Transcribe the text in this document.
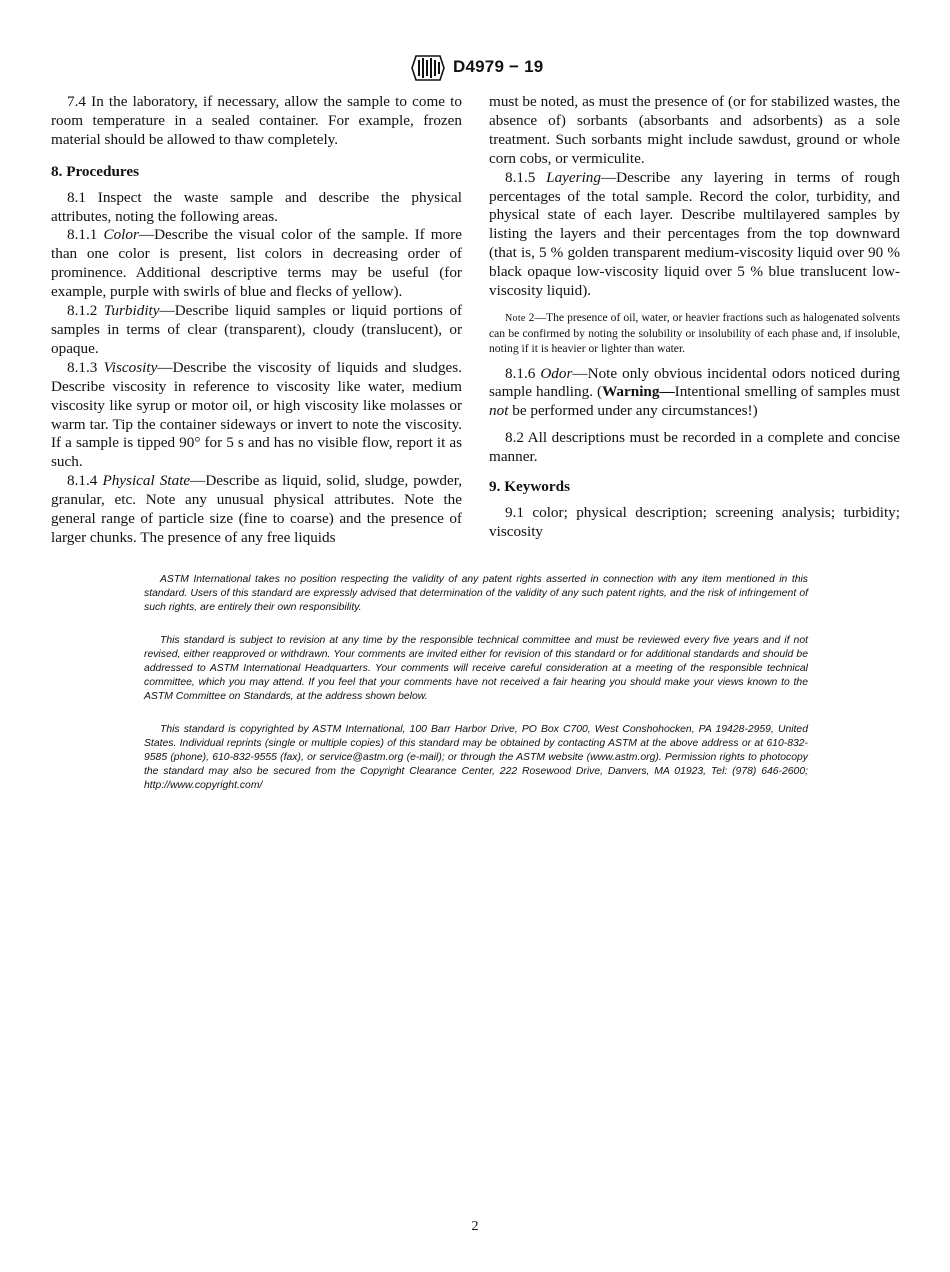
D4979 − 19

7.4 In the laboratory, if necessary, allow the sample to come to room temperature in a sealed container. For example, frozen material should be allowed to thaw completely.

8. Procedures

8.1 Inspect the waste sample and describe the physical attributes, noting the following areas.

8.1.1 Color—Describe the visual color of the sample. If more than one color is present, list colors in decreasing order of prominence. Additional descriptive terms may be useful (for example, purple with swirls of blue and flecks of yellow).

8.1.2 Turbidity—Describe liquid samples or liquid portions of samples in terms of clear (transparent), cloudy (translucent), or opaque.

8.1.3 Viscosity—Describe the viscosity of liquids and sludges. Describe viscosity in reference to viscosity like water, medium viscosity like syrup or motor oil, or high viscosity like molasses or warm tar. Tip the container sideways or invert to note the viscosity. If a sample is tipped 90° for 5 s and has no visible flow, report it as such.

8.1.4 Physical State—Describe as liquid, solid, sludge, powder, granular, etc. Note any unusual physical attributes. Note the general range of particle size (fine to coarse) and the presence of larger chunks. The presence of any free liquids

must be noted, as must the presence of (or for stabilized wastes, the absence of) sorbants (absorbants and adsorbents) as a sole treatment. Such sorbants might include sawdust, ground or whole corn cobs, or vermiculite.

8.1.5 Layering—Describe any layering in terms of rough percentages of the total sample. Record the color, turbidity, and physical state of each layer. Describe multilayered samples by listing the layers and their percentages from the top downward (that is, 5 % golden transparent medium-viscosity liquid over 90 % black opaque low-viscosity liquid over 5 % blue translucent low-viscosity liquid).

Note 2—The presence of oil, water, or heavier fractions such as halogenated solvents can be confirmed by noting the solubility or insolubility of each phase and, if insoluble, noting if it is heavier or lighter than water.

8.1.6 Odor—Note only obvious incidental odors noticed during sample handling. (Warning—Intentional smelling of samples must not be performed under any circumstances!)

8.2 All descriptions must be recorded in a complete and concise manner.

9. Keywords

9.1 color; physical description; screening analysis; turbidity; viscosity

ASTM International takes no position respecting the validity of any patent rights asserted in connection with any item mentioned in this standard. Users of this standard are expressly advised that determination of the validity of any such patent rights, and the risk of infringement of such rights, are entirely their own responsibility.

This standard is subject to revision at any time by the responsible technical committee and must be reviewed every five years and if not revised, either reapproved or withdrawn. Your comments are invited either for revision of this standard or for additional standards and should be addressed to ASTM International Headquarters. Your comments will receive careful consideration at a meeting of the responsible technical committee, which you may attend. If you feel that your comments have not received a fair hearing you should make your views known to the ASTM Committee on Standards, at the address shown below.

This standard is copyrighted by ASTM International, 100 Barr Harbor Drive, PO Box C700, West Conshohocken, PA 19428-2959, United States. Individual reprints (single or multiple copies) of this standard may be obtained by contacting ASTM at the above address or at 610-832-9585 (phone), 610-832-9555 (fax), or service@astm.org (e-mail); or through the ASTM website (www.astm.org). Permission rights to photocopy the standard may also be secured from the Copyright Clearance Center, 222 Rosewood Drive, Danvers, MA 01923, Tel: (978) 646-2600; http://www.copyright.com/

2
